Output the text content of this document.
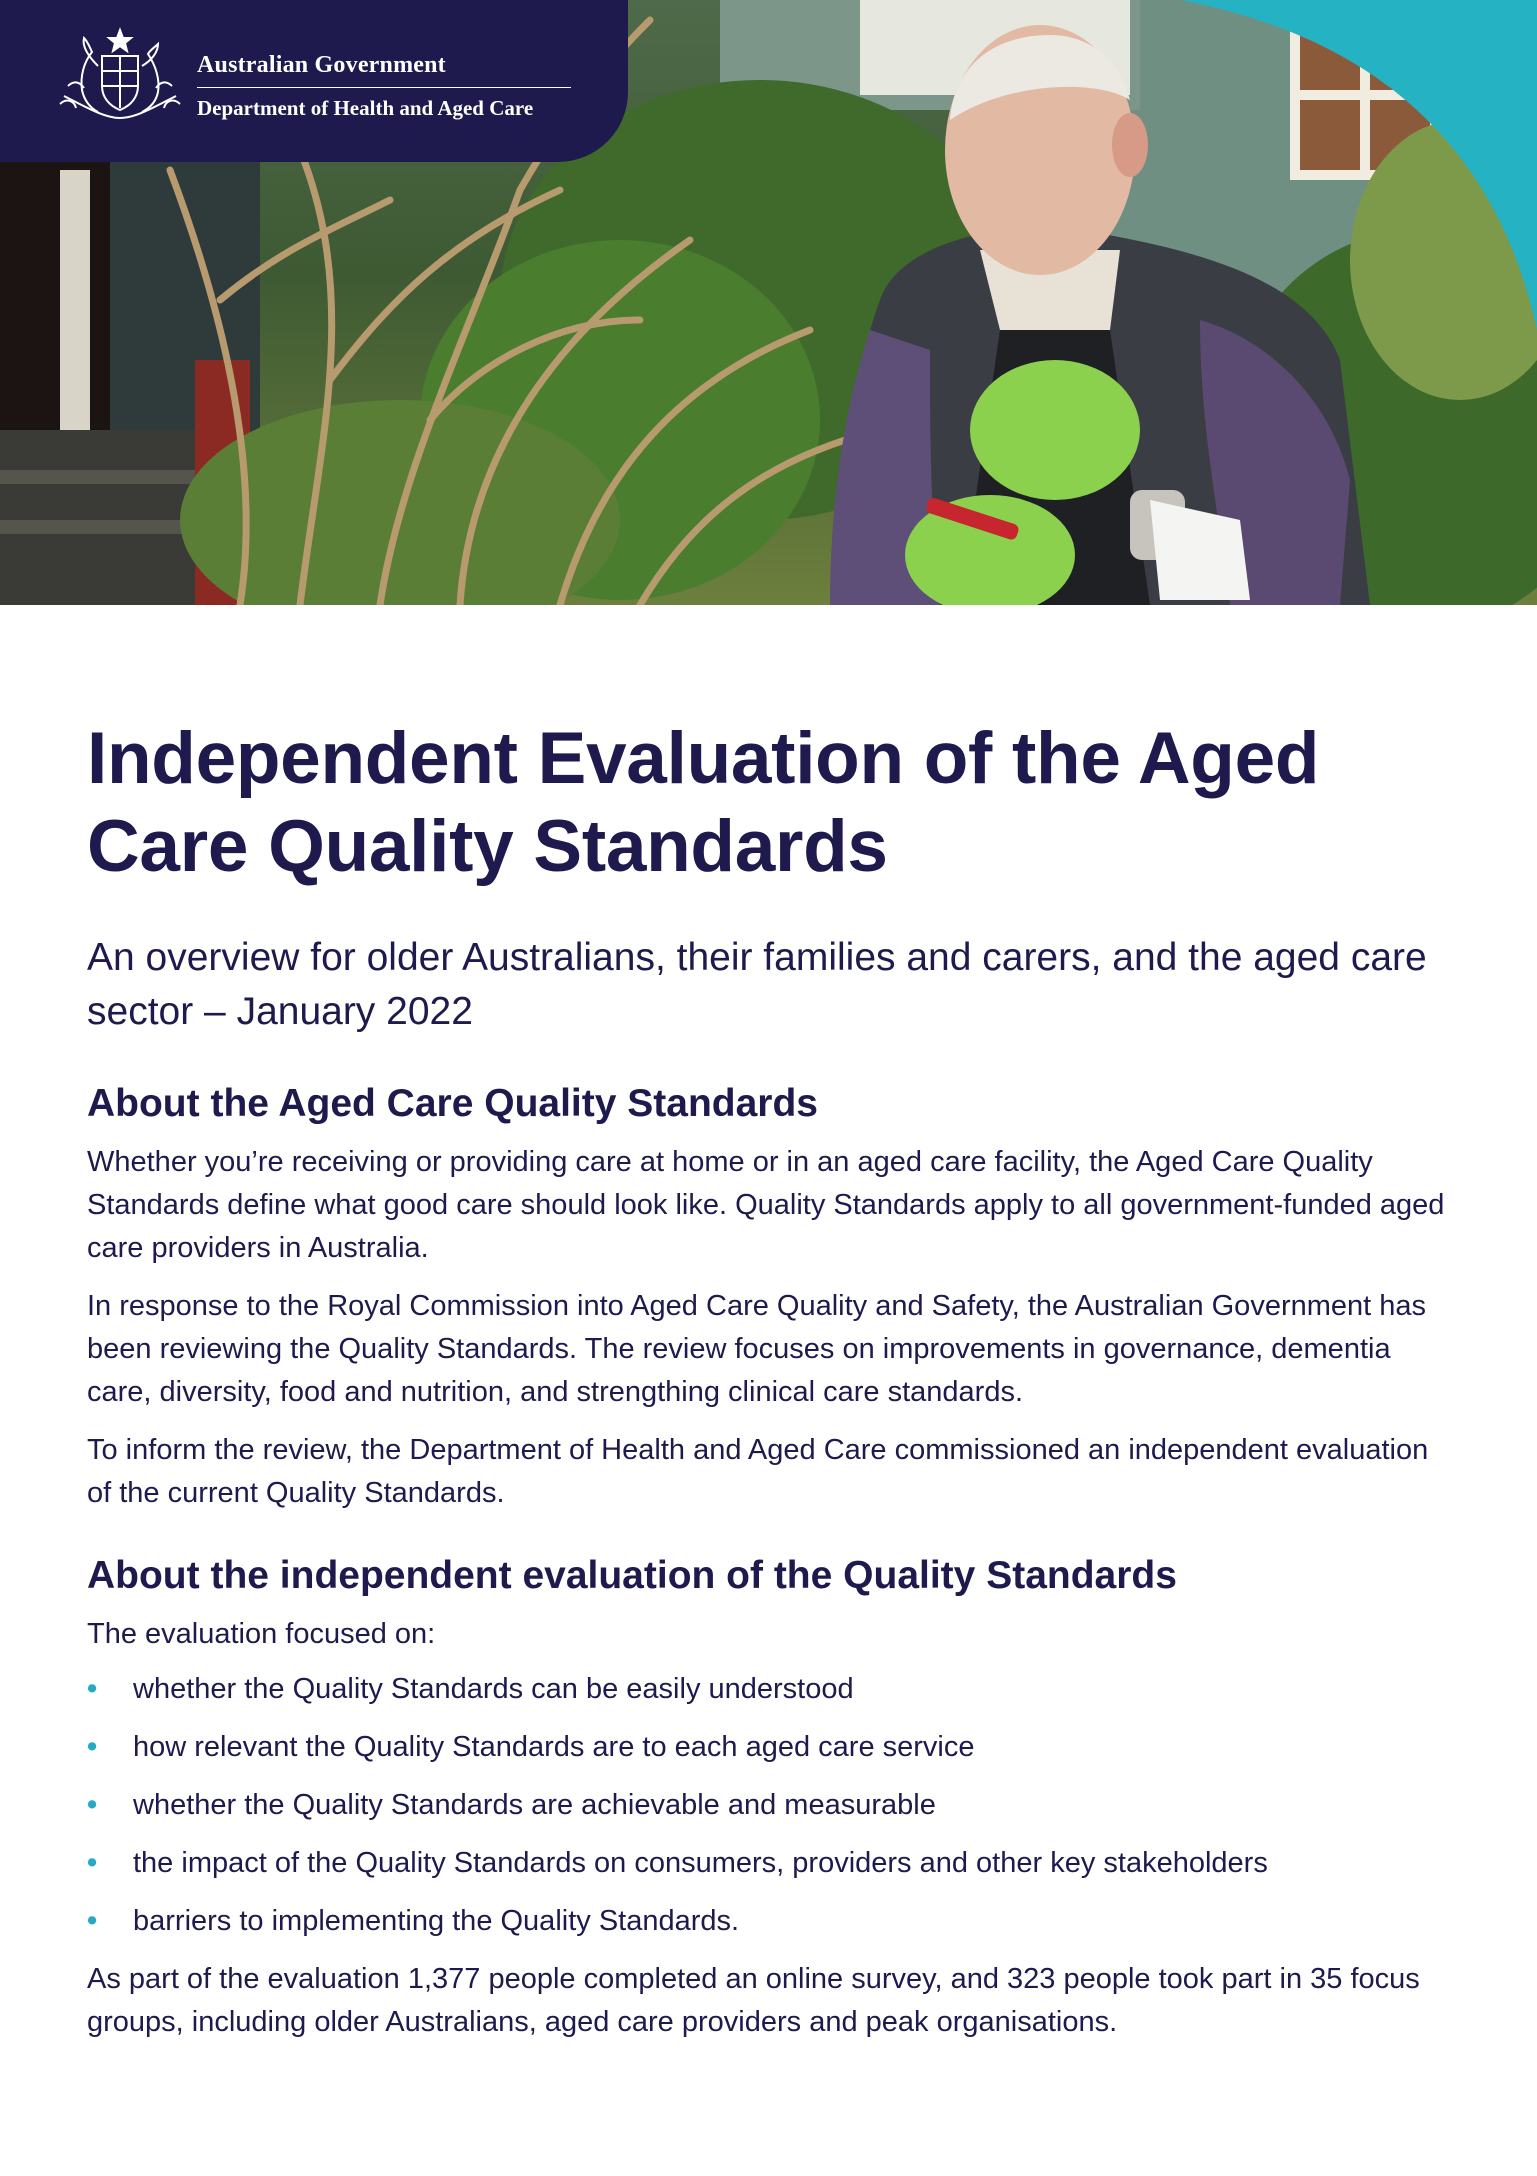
Australian Government
Department of Health and Aged Care
Independent Evaluation of the Aged Care Quality Standards
An overview for older Australians, their families and carers, and the aged care sector – January 2022
About the Aged Care Quality Standards

Whether you’re receiving or providing care at home or in an aged care facility, the Aged Care Quality Standards define what good care should look like. Quality Standards apply to all government-funded aged care providers in Australia.

In response to the Royal Commission into Aged Care Quality and Safety, the Australian Government has been reviewing the Quality Standards. The review focuses on improvements in governance, dementia care, diversity, food and nutrition, and strengthing clinical care standards.

To inform the review, the Department of Health and Aged Care commissioned an independent evaluation of the current Quality Standards.

About the independent evaluation of the Quality Standards

The evaluation focused on:

• whether the Quality Standards can be easily understood
• how relevant the Quality Standards are to each aged care service
• whether the Quality Standards are achievable and measurable
• the impact of the Quality Standards on consumers, providers and other key stakeholders
• barriers to implementing the Quality Standards.

As part of the evaluation 1,377 people completed an online survey, and 323 people took part in 35 focus groups, including older Australians, aged care providers and peak organisations.
